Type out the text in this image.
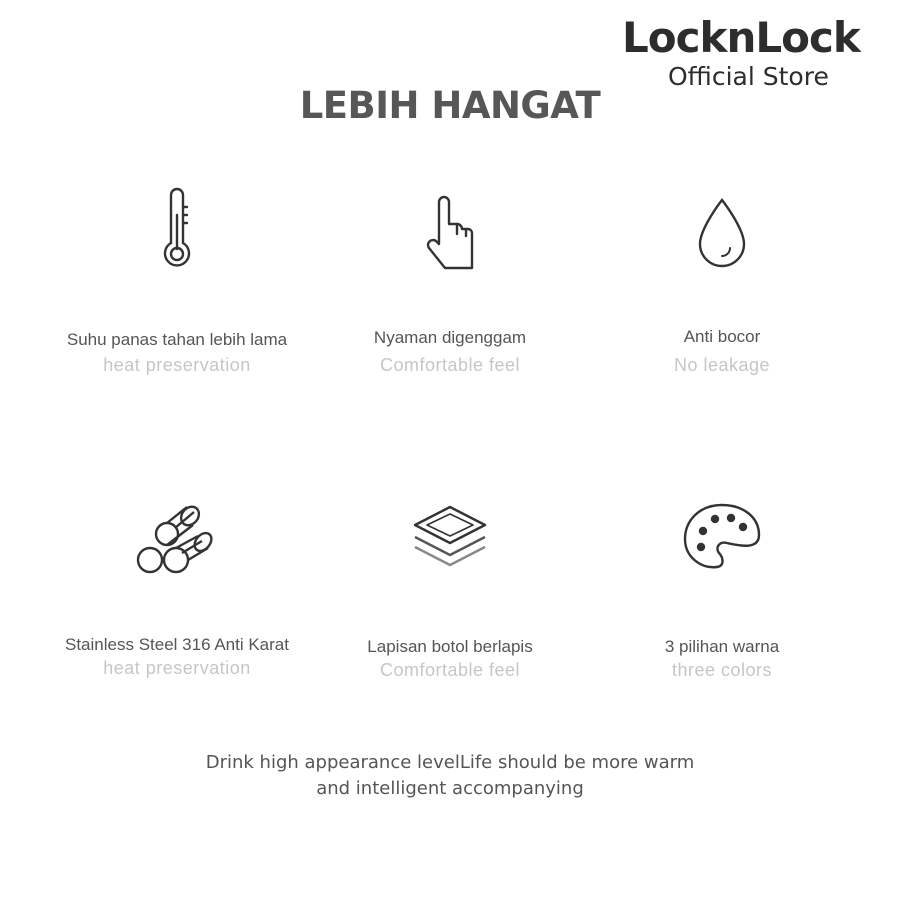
LocknLock
Official Store
LEBIH HANGAT
Suhu panas tahan lebih lama
heat preservation
Nyaman digenggam
Comfortable feel
Anti bocor
No leakage
Stainless Steel 316 Anti Karat
heat preservation
Lapisan botol berlapis
Comfortable feel
3 pilihan warna
three colors
Drink high appearance levelLife should be more warm
and intelligent accompanying
